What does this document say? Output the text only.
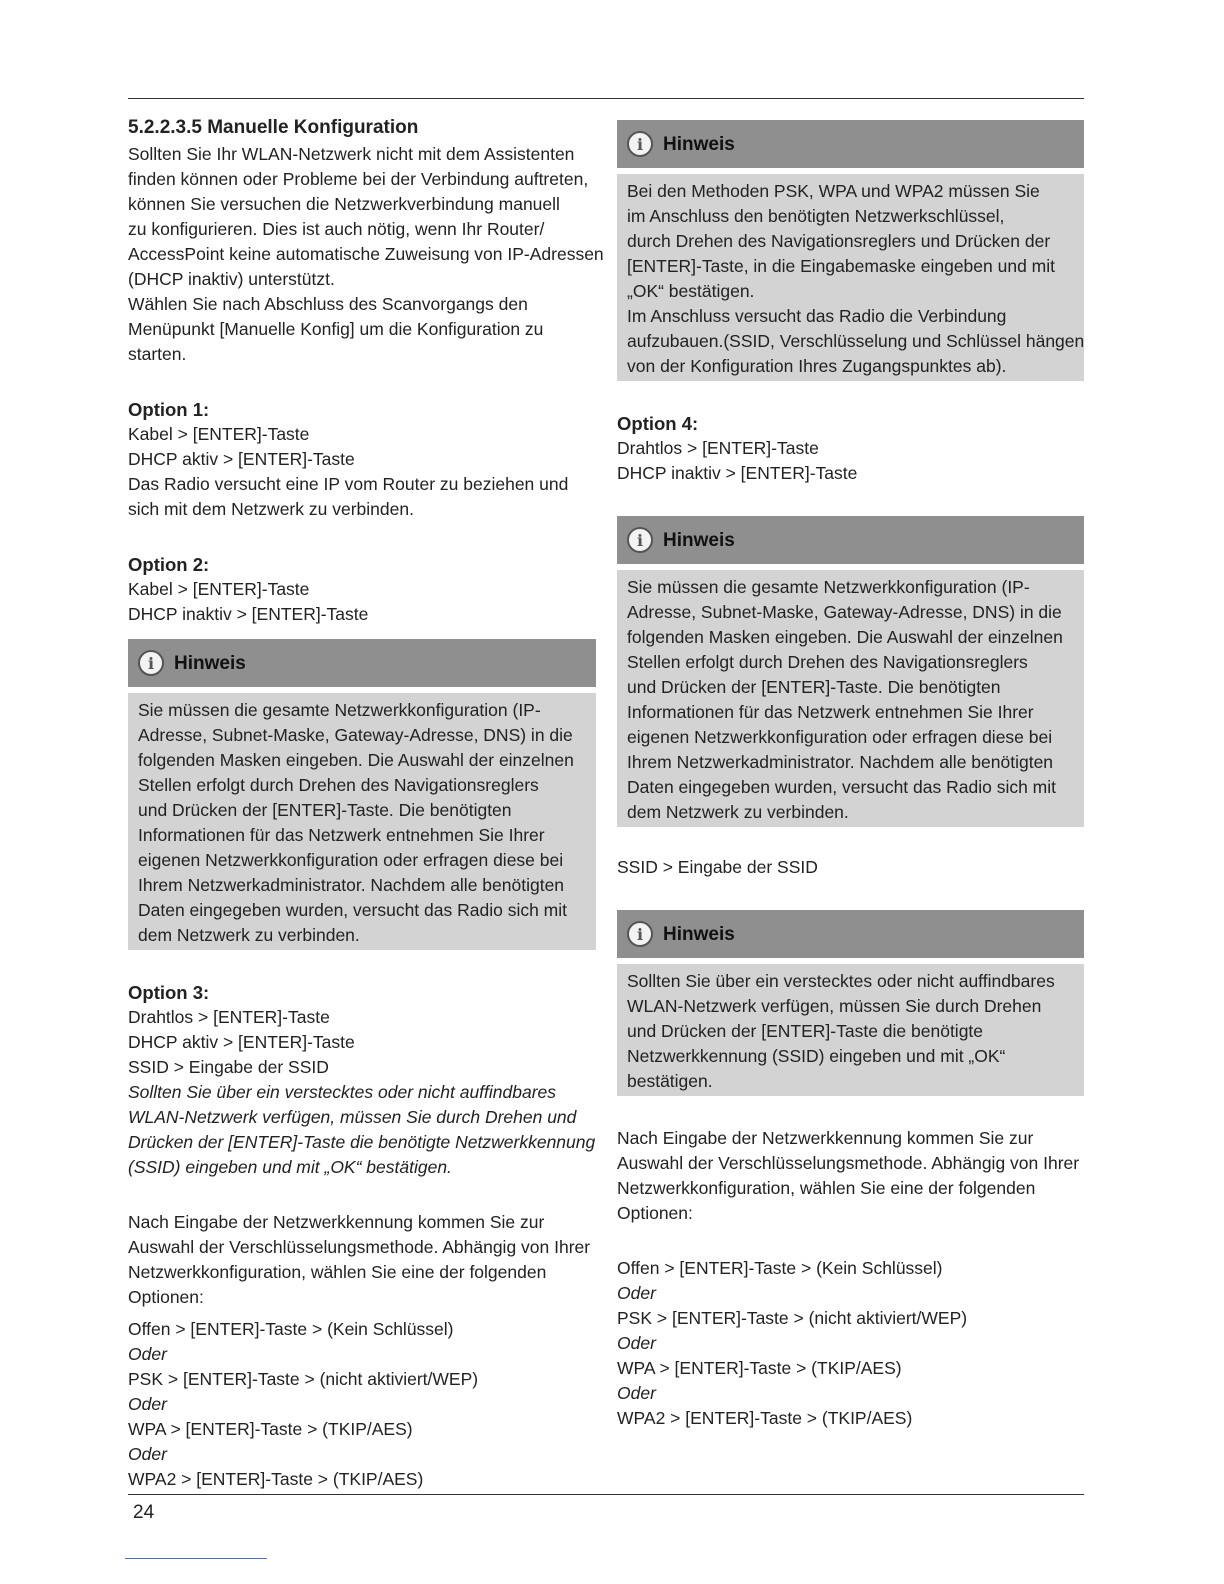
5.2.2.3.5 Manuelle Konfiguration
Sollten Sie Ihr WLAN-Netzwerk nicht mit dem Assistenten
finden können oder Probleme bei der Verbindung auftreten,
können Sie versuchen die Netzwerkverbindung manuell
zu konfigurieren. Dies ist auch nötig, wenn Ihr Router/
AccessPoint keine automatische Zuweisung von IP-Adressen
(DHCP inaktiv) unterstützt.
Wählen Sie nach Abschluss des Scanvorgangs den
Menüpunkt [Manuelle Konfig] um die Konfiguration zu
starten.
Option 1:
Kabel > [ENTER]-Taste
DHCP aktiv > [ENTER]-Taste
Das Radio versucht eine IP vom Router zu beziehen und
sich mit dem Netzwerk zu verbinden.
Option 2:
Kabel > [ENTER]-Taste
DHCP inaktiv > [ENTER]-Taste
i	Hinweis
Sie müssen die gesamte Netzwerkkonfiguration (IP-
Adresse, Subnet-Maske, Gateway-Adresse, DNS) in die
folgenden Masken eingeben. Die Auswahl der einzelnen
Stellen erfolgt durch Drehen des Navigationsreglers
und Drücken der [ENTER]-Taste. Die benötigten
Informationen für das Netzwerk entnehmen Sie Ihrer
eigenen Netzwerkkonfiguration oder erfragen diese bei
Ihrem Netzwerkadministrator. Nachdem alle benötigten
Daten eingegeben wurden, versucht das Radio sich mit
dem Netzwerk zu verbinden.
Option 3:
Drahtlos > [ENTER]-Taste
DHCP aktiv > [ENTER]-Taste
SSID > Eingabe der SSID
Sollten Sie über ein verstecktes oder nicht auffindbares
WLAN-Netzwerk verfügen, müssen Sie durch Drehen und
Drücken der [ENTER]-Taste die benötigte Netzwerkkennung
(SSID) eingeben und mit „OK“ bestätigen.
Nach Eingabe der Netzwerkkennung kommen Sie zur
Auswahl der Verschlüsselungsmethode. Abhängig von Ihrer
Netzwerkkonfiguration, wählen Sie eine der folgenden
Optionen:
Offen > [ENTER]-Taste > (Kein Schlüssel)
Oder
PSK > [ENTER]-Taste > (nicht aktiviert/WEP)
Oder
WPA > [ENTER]-Taste > (TKIP/AES)
Oder
WPA2 > [ENTER]-Taste > (TKIP/AES)
i	Hinweis
Bei den Methoden PSK, WPA und WPA2 müssen Sie
im Anschluss den benötigten Netzwerkschlüssel,
durch Drehen des Navigationsreglers und Drücken der
[ENTER]-Taste, in die Eingabemaske eingeben und mit
„OK“ bestätigen.
Im Anschluss versucht das Radio die Verbindung
aufzubauen.(SSID, Verschlüsselung und Schlüssel hängen
von der Konfiguration Ihres Zugangspunktes ab).
Option 4:
Drahtlos > [ENTER]-Taste
DHCP inaktiv > [ENTER]-Taste
i	Hinweis
Sie müssen die gesamte Netzwerkkonfiguration (IP-
Adresse, Subnet-Maske, Gateway-Adresse, DNS) in die
folgenden Masken eingeben. Die Auswahl der einzelnen
Stellen erfolgt durch Drehen des Navigationsreglers
und Drücken der [ENTER]-Taste. Die benötigten
Informationen für das Netzwerk entnehmen Sie Ihrer
eigenen Netzwerkkonfiguration oder erfragen diese bei
Ihrem Netzwerkadministrator. Nachdem alle benötigten
Daten eingegeben wurden, versucht das Radio sich mit
dem Netzwerk zu verbinden.
SSID > Eingabe der SSID
i	Hinweis
Sollten Sie über ein verstecktes oder nicht auffindbares
WLAN-Netzwerk verfügen, müssen Sie durch Drehen
und Drücken der [ENTER]-Taste die benötigte
Netzwerkkennung (SSID) eingeben und mit „OK“
bestätigen.
Nach Eingabe der Netzwerkkennung kommen Sie zur
Auswahl der Verschlüsselungsmethode. Abhängig von Ihrer
Netzwerkkonfiguration, wählen Sie eine der folgenden
Optionen:
Offen > [ENTER]-Taste > (Kein Schlüssel)
Oder
PSK > [ENTER]-Taste > (nicht aktiviert/WEP)
Oder
WPA > [ENTER]-Taste > (TKIP/AES)
Oder
WPA2 > [ENTER]-Taste > (TKIP/AES)
24
